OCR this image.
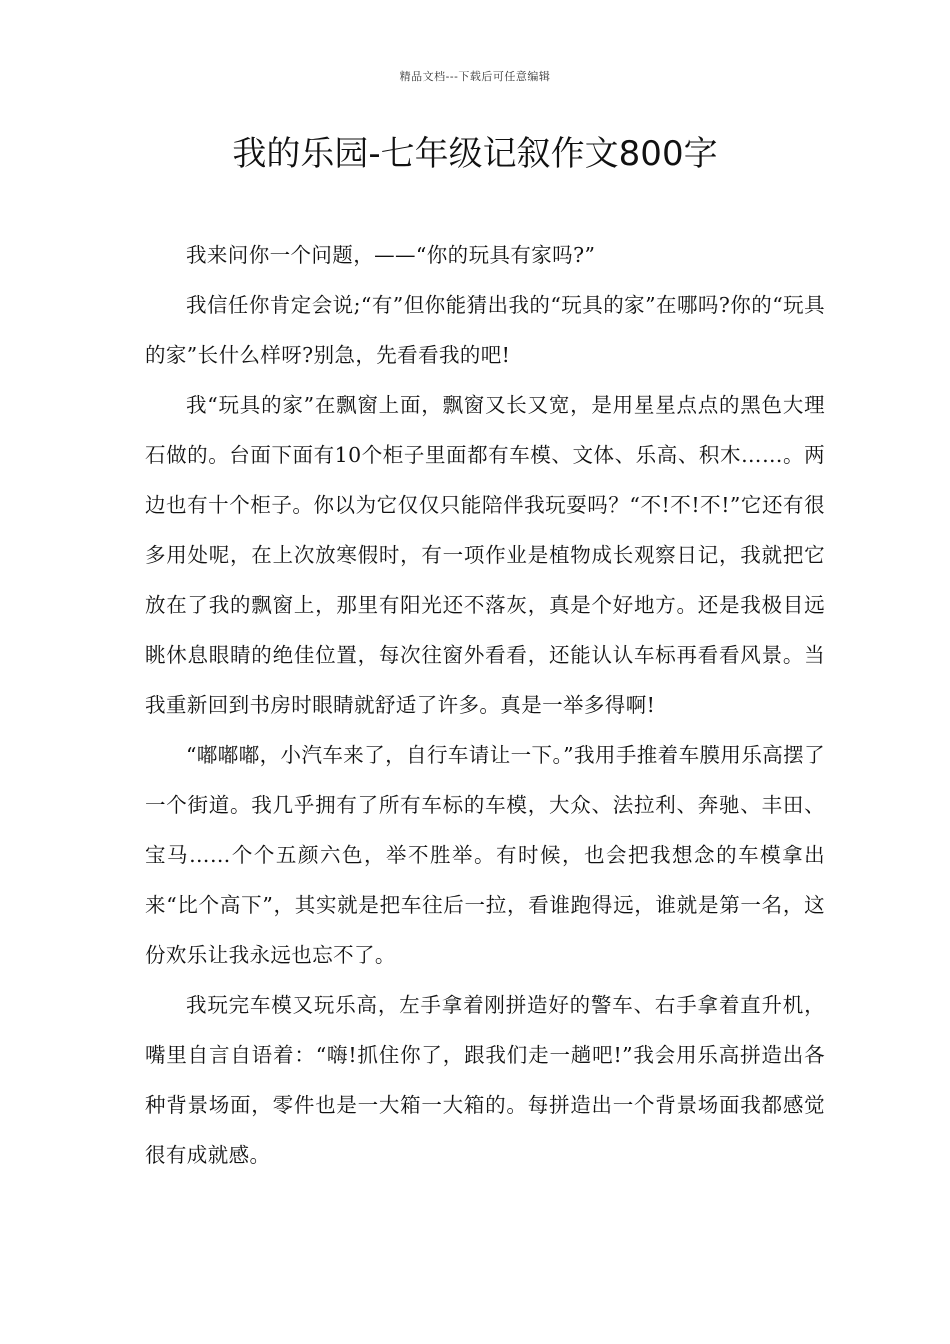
精品文档---下载后可任意编辑
我的乐园-七年级记叙作文800字

我来问你一个问题，——“你的玩具有家吗?”

我信任你肯定会说;“有”但你能猜出我的“玩具的家”在哪吗?你的“玩具的家”长什么样呀?别急，先看看我的吧!

我“玩具的家”在飘窗上面，飘窗又长又宽，是用星星点点的黑色大理石做的。台面下面有10个柜子里面都有车模、文体、乐高、积木……。两边也有十个柜子。你以为它仅仅只能陪伴我玩耍吗？“不!不!不!”它还有很多用处呢，在上次放寒假时，有一项作业是植物成长观察日记，我就把它放在了我的飘窗上，那里有阳光还不落灰，真是个好地方。还是我极目远眺休息眼睛的绝佳位置，每次往窗外看看，还能认认车标再看看风景。当我重新回到书房时眼睛就舒适了许多。真是一举多得啊!

“嘟嘟嘟，小汽车来了，自行车请让一下。”我用手推着车膜用乐高摆了一个街道。我几乎拥有了所有车标的车模，大众、法拉利、奔驰、丰田、宝马……个个五颜六色，举不胜举。有时候，也会把我想念的车模拿出来“比个高下”，其实就是把车往后一拉，看谁跑得远，谁就是第一名，这份欢乐让我永远也忘不了。

我玩完车模又玩乐高，左手拿着刚拼造好的警车、右手拿着直升机，嘴里自言自语着：“嗨!抓住你了，跟我们走一趟吧!”我会用乐高拼造出各种背景场面，零件也是一大箱一大箱的。每拼造出一个背景场面我都感觉很有成就感。
